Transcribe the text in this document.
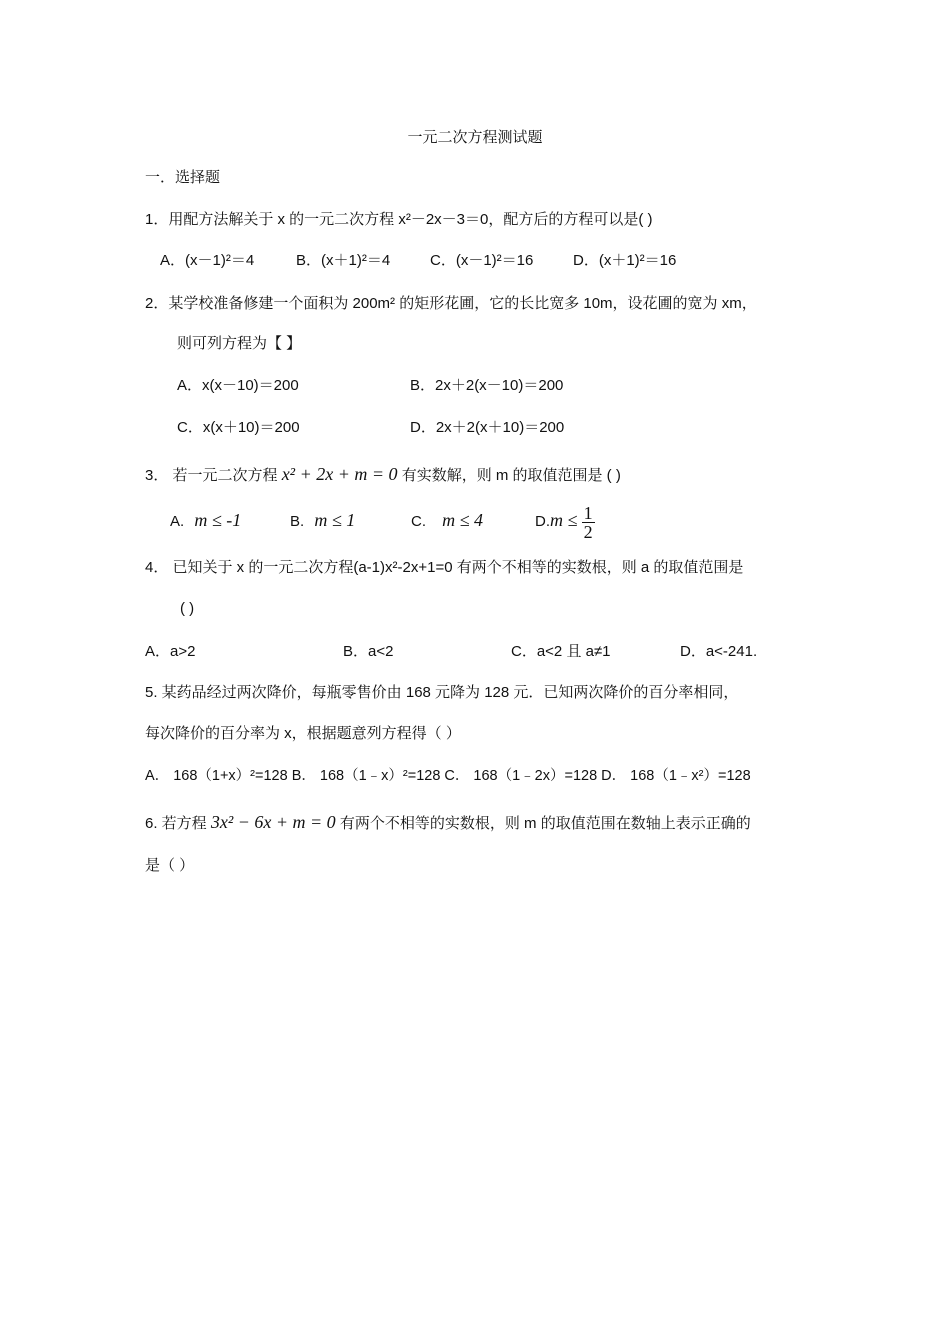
一元二次方程测试题
一．选择题
1．用配方法解关于 x 的一元二次方程 x²－2x－3＝0，配方后的方程可以是( )
A．(x－1)²＝4	B．(x＋1)²＝4	C．(x－1)²＝16	D．(x＋1)²＝16
2．某学校准备修建一个面积为 200m² 的矩形花圃，它的长比宽多 10m，设花圃的宽为 xm，
则可列方程为【 】
A．x(x－10)＝200	B．2x＋2(x－10)＝200
C．x(x＋10)＝200	D．2x＋2(x＋10)＝200
3． 若一元二次方程 x² + 2x + m = 0 有实数解，则 m 的取值范围是 ( )
A. m ≤ -1	B. m ≤ 1	C. m ≤ 4	$D.m \le \frac{1}{2}$
4． 已知关于 x 的一元二次方程(a-1)x²-2x+1=0 有两个不相等的实数根，则 a 的取值范围是
( )
A．a>2	B．a<2	C．a<2 且 a≠1	D．a<-241.
5. 某药品经过两次降价，每瓶零售价由 168 元降为 128 元．已知两次降价的百分率相同，
每次降价的百分率为 x，根据题意列方程得（ ）
A． 168（1+x）²=128 B． 168（1﹣x）²=128 C． 168（1﹣2x）=128 D． 168（1﹣x²）=128
6. 若方程 3x² − 6x + m = 0 有两个不相等的实数根，则 m 的取值范围在数轴上表示正确的
是（ ）
